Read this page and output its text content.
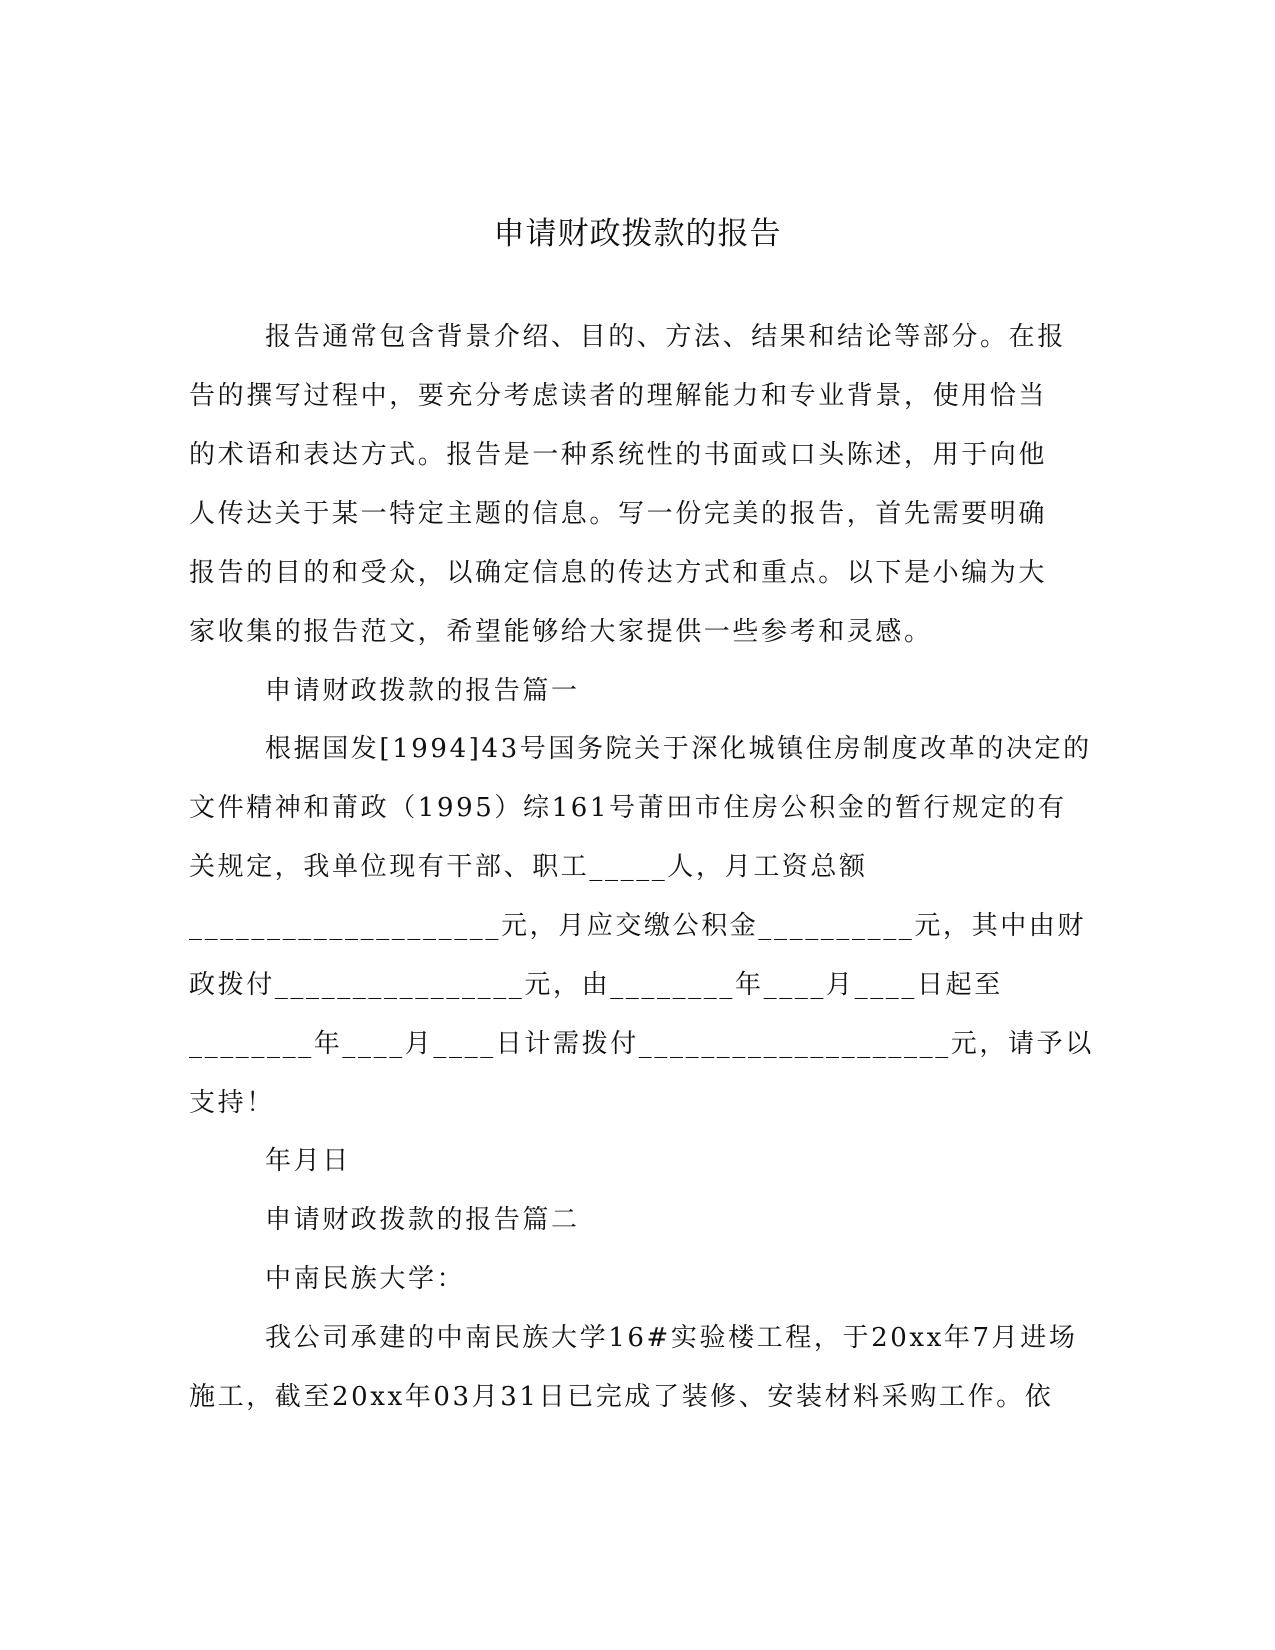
申请财政拨款的报告
报告通常包含背景介绍、目的、方法、结果和结论等部分。在报
告的撰写过程中，要充分考虑读者的理解能力和专业背景，使用恰当
的术语和表达方式。报告是一种系统性的书面或口头陈述，用于向他
人传达关于某一特定主题的信息。写一份完美的报告，首先需要明确
报告的目的和受众，以确定信息的传达方式和重点。以下是小编为大
家收集的报告范文，希望能够给大家提供一些参考和灵感。
申请财政拨款的报告篇一
根据国发[1994]43号国务院关于深化城镇住房制度改革的决定的
文件精神和莆政（1995）综161号莆田市住房公积金的暂行规定的有
关规定，我单位现有干部、职工_____人，月工资总额
____________________元，月应交缴公积金__________元，其中由财
政拨付________________元，由________年____月____日起至
________年____月____日计需拨付____________________元，请予以
支持！
年月日
申请财政拨款的报告篇二
中南民族大学：
我公司承建的中南民族大学16#实验楼工程，于20xx年7月进场
施工，截至20xx年03月31日已完成了装修、安装材料采购工作。依
